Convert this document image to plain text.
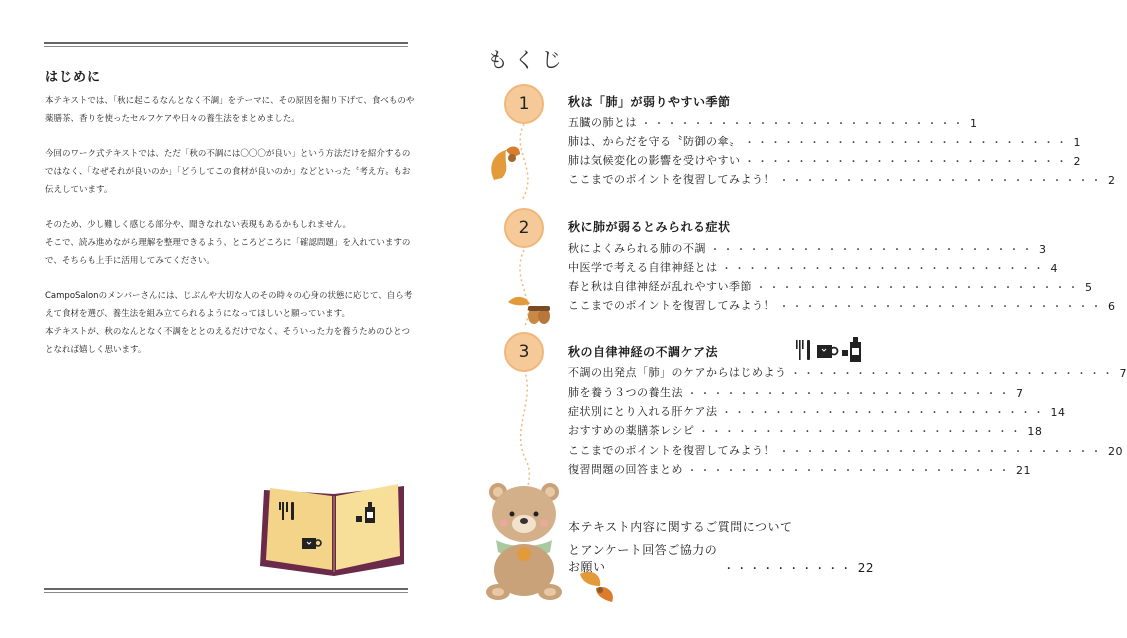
はじめに

本テキストでは、「秋に起こるなんとなく不調」をテーマに、その原因を掘り下げて、食べものや薬膳茶、香りを使ったセルフケアや日々の養生法をまとめました。

今回のワーク式テキストでは、ただ「秋の不調には〇〇〇が良い」という方法だけを紹介するのではなく、「なぜそれが良いのか」「どうしてこの食材が良いのか」などといった〝考え方〟もお伝えしています。

そのため、少し難しく感じる部分や、聞きなれない表現もあるかもしれません。
そこで、読み進めながら理解を整理できるよう、ところどころに「確認問題」を入れていますので、そちらも上手に活用してみてください。

CampoSalonのメンバーさんには、じぶんや大切な人のその時々の心身の状態に応じて、自ら考えて食材を選び、養生法を組み立てられるようになってほしいと願っています。
本テキストが、秋のなんとなく不調をととのえるだけでなく、そういった力を養うためのひとつとなれば嬉しく思います。

もくじ
1
2
3
秋は「肺」が弱りやすい季節
五臓の肺とは ・・・・・・・・・・・・・・・・・・・・・・・・・ 1
肺は、からだを守る〝防御の傘〟 ・・・・・・・・・・・・・・・・・・・・・・・・・ 1
肺は気候変化の影響を受けやすい ・・・・・・・・・・・・・・・・・・・・・・・・・ 2
ここまでのポイントを復習してみよう！ ・・・・・・・・・・・・・・・・・・・・・・・・・ 2
秋に肺が弱るとみられる症状
秋によくみられる肺の不調 ・・・・・・・・・・・・・・・・・・・・・・・・・ 3
中医学で考える自律神経とは ・・・・・・・・・・・・・・・・・・・・・・・・・ 4
春と秋は自律神経が乱れやすい季節 ・・・・・・・・・・・・・・・・・・・・・・・・・ 5
ここまでのポイントを復習してみよう！ ・・・・・・・・・・・・・・・・・・・・・・・・・ 6
秋の自律神経の不調ケア法
不調の出発点「肺」のケアからはじめよう ・・・・・・・・・・・・・・・・・・・・・・・・・ 7
肺を養う３つの養生法 ・・・・・・・・・・・・・・・・・・・・・・・・・ 7
症状別にとり入れる肝ケア法 ・・・・・・・・・・・・・・・・・・・・・・・・・ 14
おすすめの薬膳茶レシピ ・・・・・・・・・・・・・・・・・・・・・・・・・ 18
ここまでのポイントを復習してみよう！ ・・・・・・・・・・・・・・・・・・・・・・・・・ 20
復習問題の回答まとめ ・・・・・・・・・・・・・・・・・・・・・・・・・ 21
本テキスト内容に関するご質問について
とアンケート回答ご協力のお願い	・・・・・・・・・・ 22
